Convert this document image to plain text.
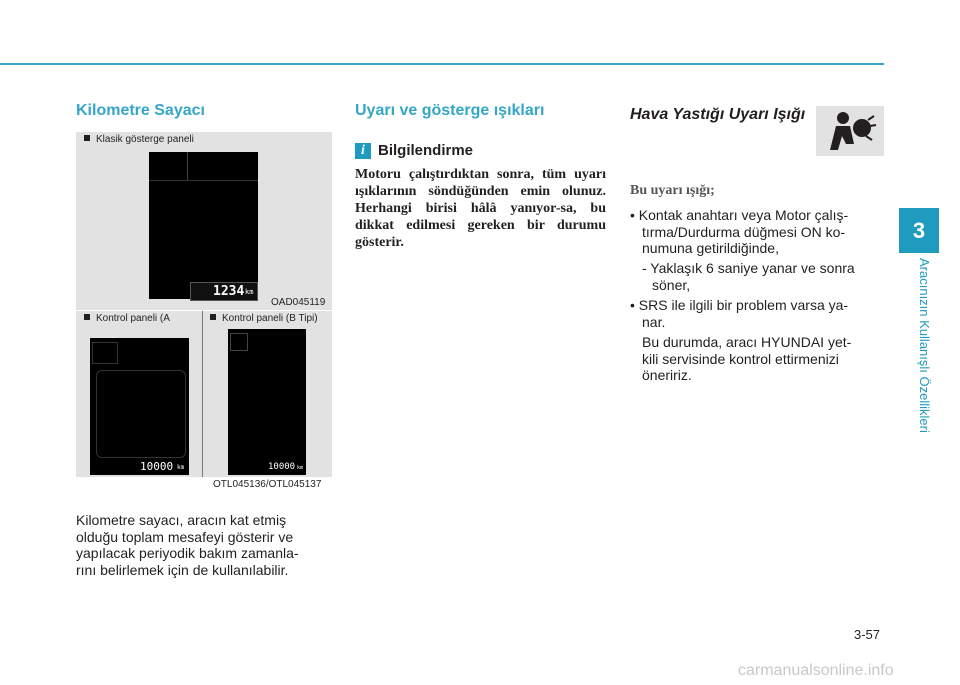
3
Aracınızın Kullanışlı Özellikleri
Kilometre Sayacı
Klasik gösterge paneli
1234 km
OAD045119
Kontrol paneli (A	Kontrol paneli (B Tipi)
10000 km	10000 km
OTL045136/OTL045137
Kilometre sayacı, aracın kat etmiş
olduğu toplam mesafeyi gösterir ve
yapılacak periyodik bakım zamanla-
rını belirlemek için de kullanılabilir.
Uyarı ve gösterge ışıkları
i Bilgilendirme
Motoru çalıştırdıktan sonra, tüm uyarı ışıklarının söndüğünden emin olunuz. Herhangi birisi hâlâ yanıyor-sa, bu dikkat edilmesi gereken bir durumu gösterir.
Hava Yastığı Uyarı Işığı
Bu uyarı ışığı;
• Kontak anahtarı veya Motor çalış-
tırma/Durdurma düğmesi ON ko-
numuna getirildiğinde,
- Yaklaşık 6 saniye yanar ve sonra
söner,
• SRS ile ilgili bir problem varsa ya-
nar.
Bu durumda, aracı HYUNDAI yet-
kili servisinde kontrol ettirmenizi
öneririz.
3-57
carmanualsonline.info
